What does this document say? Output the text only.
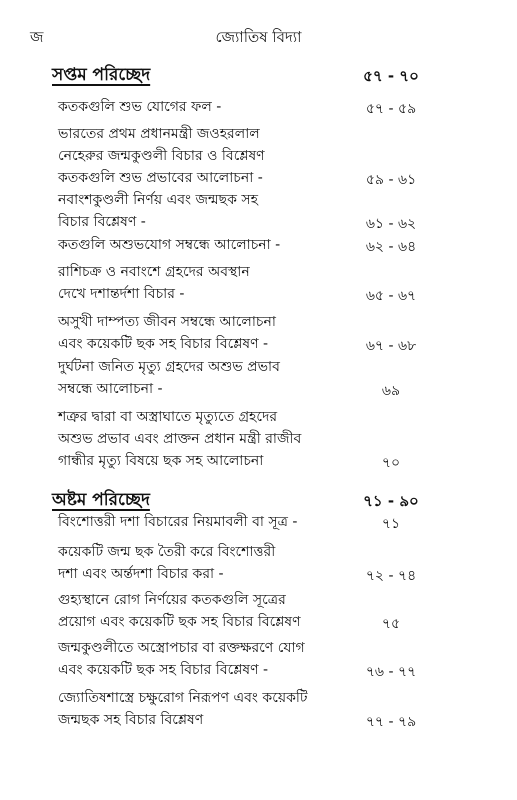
জ	জ্যোতিষ বিদ্যা
সপ্তম পরিচ্ছেদ	৫৭ - ৭০
কতকগুলি শুভ যোগের ফল -	৫৭ - ৫৯
ভারতের প্রথম প্রধানমন্ত্রী জওহরলাল
নেহেরুর জন্মকুণ্ডলী বিচার ও বিশ্লেষণ
কতকগুলি শুভ প্রভাবের আলোচনা -	৫৯ - ৬১
নবাংশকুণ্ডলী নির্ণয় এবং জন্মছক সহ
বিচার বিশ্লেষণ -	৬১ - ৬২
কতগুলি অশুভযোগ সম্বন্ধে আলোচনা -	৬২ - ৬৪
রাশিচক্র ও নবাংশে গ্রহদের অবস্থান
দেখে দশান্তর্দশা বিচার -	৬৫ - ৬৭
অসুখী দাম্পত্য জীবন সম্বন্ধে আলোচনা
এবং কয়েকটি ছক সহ বিচার বিশ্লেষণ -	৬৭ - ৬৮
দুর্ঘটনা জনিত মৃত্যু গ্রহদের অশুভ প্রভাব
সম্বন্ধে আলোচনা -	৬৯
শত্রুর দ্বারা বা অস্ত্রাঘাতে মৃত্যুতে গ্রহদের
অশুভ প্রভাব এবং প্রাক্তন প্রধান মন্ত্রী রাজীব
গান্ধীর মৃত্যু বিষয়ে ছক সহ আলোচনা	৭০
অষ্টম পরিচ্ছেদ	৭১ - ৯০
বিংশোত্তরী দশা বিচারের নিয়মাবলী বা সূত্র -	৭১
কয়েকটি জন্ম ছক তৈরী করে বিংশোত্তরী
দশা এবং অর্ন্তদশা বিচার করা -	৭২ - ৭৪
গুহ্যস্থানে রোগ নির্ণয়ের কতকগুলি সূত্রের
প্রয়োগ এবং কয়েকটি ছক সহ বিচার বিশ্লেষণ	৭৫
জন্মকুণ্ডলীতে অস্ত্রোপচার বা রক্তক্ষরণে যোগ
এবং কয়েকটি ছক সহ বিচার বিশ্লেষণ -	৭৬ - ৭৭
জ্যোতিষশাস্ত্রে চক্ষুরোগ নিরূপণ এবং কয়েকটি
জন্মছক সহ বিচার বিশ্লেষণ	৭৭ - ৭৯
